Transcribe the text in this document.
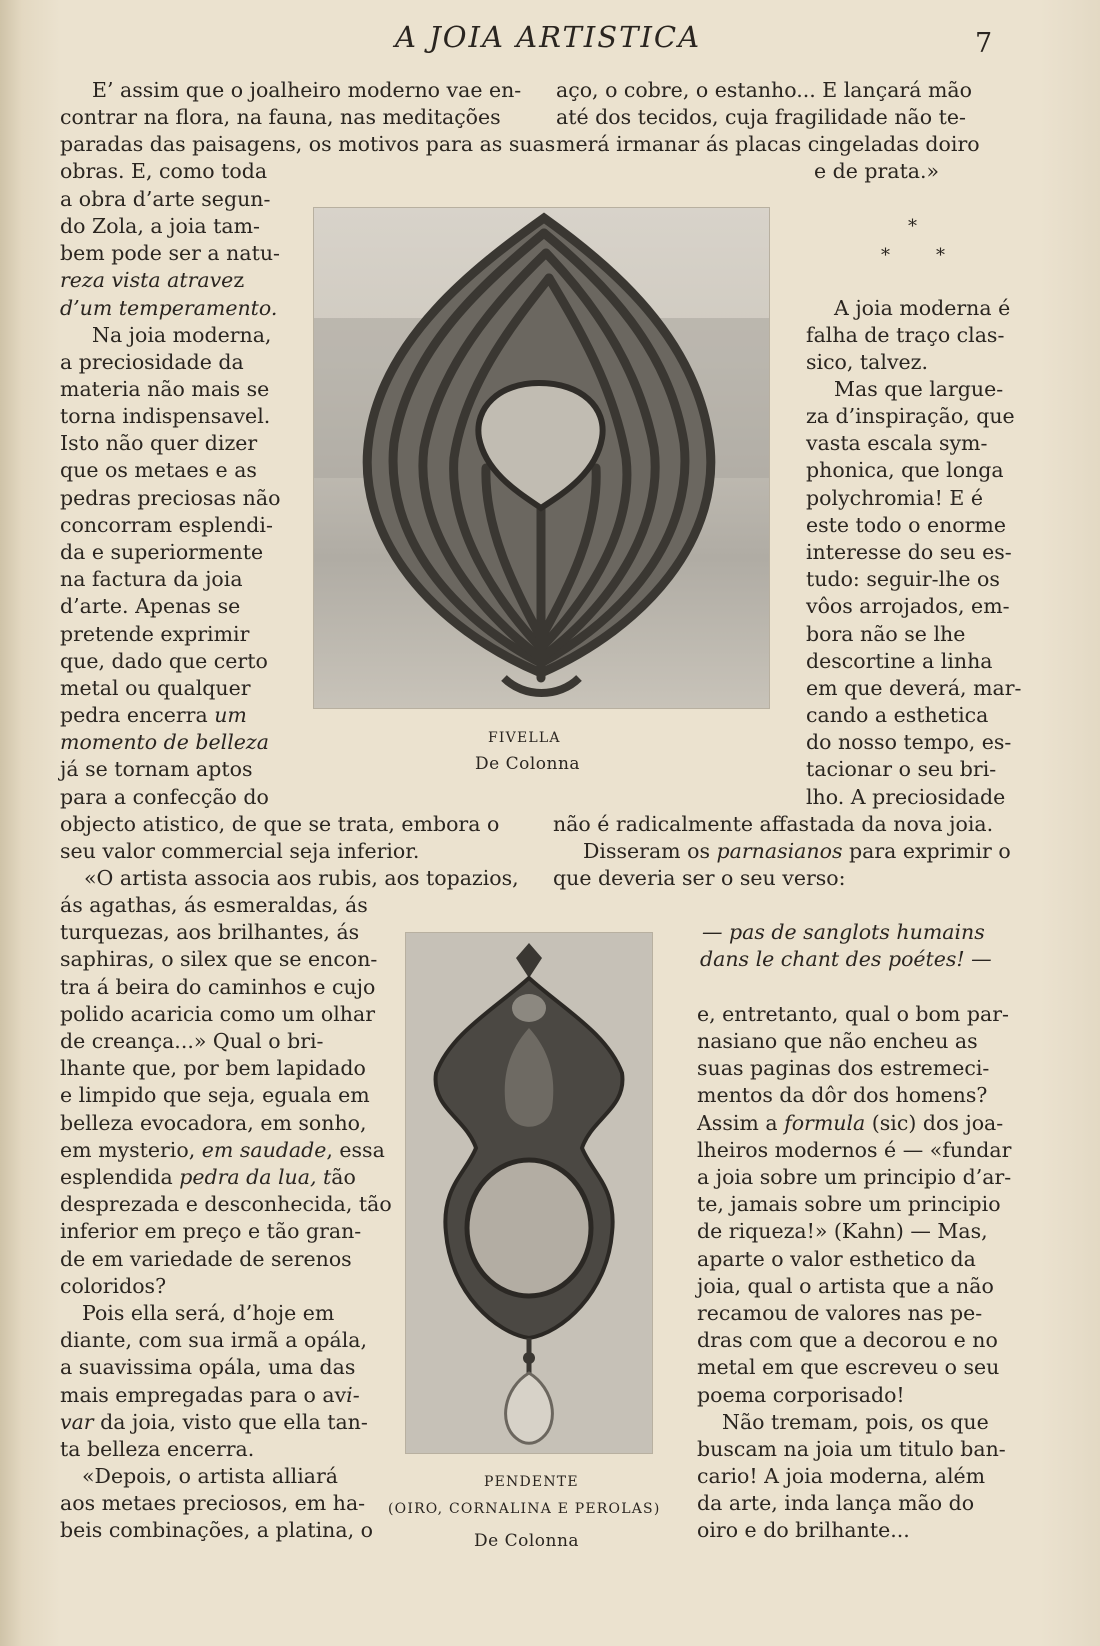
A JOIA ARTISTICA	7
E’ assim que o joalheiro moderno vae en-
contrar na flora, na fauna, nas meditações
paradas das paisagens, os motivos para as suas
obras. E, como toda
a obra d’arte segun-
do Zola, a joia tam-
bem pode ser a natu-
reza vista atravez
d’um temperamento.
Na joia moderna,
a preciosidade da
materia não mais se
torna indispensavel.
Isto não quer dizer
que os metaes e as
pedras preciosas não
concorram esplendi-
da e superiormente
na factura da joia
d’arte. Apenas se
pretende exprimir
que, dado que certo
metal ou qualquer
pedra encerra um
momento de belleza
já se tornam aptos
para a confecção do
objecto atistico, de que se trata, embora o
seu valor commercial seja inferior.
«O artista associa aos rubis, aos topazios,
ás agathas, ás esmeraldas, ás
turquezas, aos brilhantes, ás
saphiras, o silex que se encon-
tra á beira do caminhos e cujo
polido acaricia como um olhar
de creança...» Qual o bri-
lhante que, por bem lapidado
e limpido que seja, eguala em
belleza evocadora, em sonho,
em mysterio, em saudade, essa
esplendida pedra da lua, tão
desprezada e desconhecida, tão
inferior em preço e tão gran-
de em variedade de serenos
coloridos?
Pois ella será, d’hoje em
diante, com sua irmã a opála,
a suavissima opála, uma das
mais empregadas para o avi-
var da joia, visto que ella tan-
ta belleza encerra.
«Depois, o artista alliará
aos metaes preciosos, em ha-
beis combinações, a platina, o
aço, o cobre, o estanho... E lançará mão
até dos tecidos, cuja fragilidade não te-
merá irmanar ás placas cingeladas doiro
e de prata.»
A joia moderna é
falha de traço clas-
sico, talvez.
Mas que largue-
za d’inspiração, que
vasta escala sym-
phonica, que longa
polychromia! E é
este todo o enorme
interesse do seu es-
tudo: seguir-lhe os
vôos arrojados, em-
bora não se lhe
descortine a linha
em que deverá, mar-
cando a esthetica
do nosso tempo, es-
tacionar o seu bri-
lho. A preciosidade
não é radicalmente affastada da nova joia.
Disseram os parnasianos para exprimir o
que deveria ser o seu verso:
— pas de sanglots humains
dans le chant des poétes! —
e, entretanto, qual o bom par-
nasiano que não encheu as
suas paginas dos estremeci-
mentos da dôr dos homens?
Assim a formula (sic) dos joa-
lheiros modernos é — «fundar
a joia sobre um principio d’ar-
te, jamais sobre um principio
de riqueza!» (Kahn) — Mas,
aparte o valor esthetico da
joia, qual o artista que a não
recamou de valores nas pe-
dras com que a decorou e no
metal em que escreveu o seu
poema corporisado!
Não tremam, pois, os que
buscam na joia um titulo ban-
cario! A joia moderna, além
da arte, inda lança mão do
oiro e do brilhante...
*
*	*
FIVELLA
De Colonna
PENDENTE
(OIRO, CORNALINA E PEROLAS)
De Colonna
